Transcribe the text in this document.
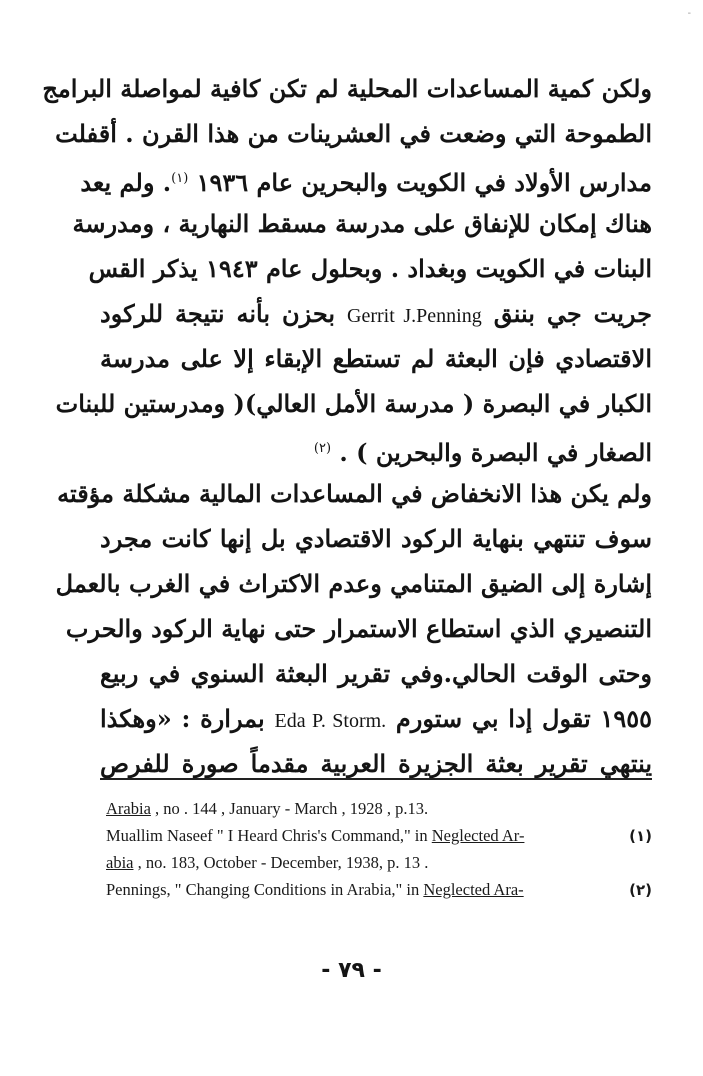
-
ولكن كمية المساعدات المحلية لم تكن كافية لمواصلة البرامج
الطموحة التي وضعت في العشرينات من هذا القرن . أقفلت
مدارس الأولاد في الكويت والبحرين عام ١٩٣٦ $^{(١)}$. ولم يعد
هناك إمكان للإنفاق على مدرسة مسقط النهارية ، ومدرسة
البنات في الكويت وبغداد . وبحلول عام ١٩٤٣ يذكر القس
جريت جي بننق Gerrit J.Penning بحزن بأنه نتيجة للركود
الاقتصادي فإن البعثة لم تستطع الإبقاء إلا على مدرسة
الكبار في البصرة ( مدرسة الأمل العالي)( ومدرستين للبنات
الصغار في البصرة والبحرين ) . $^{(٢)}$
ولم يكن هذا الانخفاض في المساعدات المالية مشكلة مؤقته
سوف تنتهي بنهاية الركود الاقتصادي بل إنها كانت مجرد
إشارة إلى الضيق المتنامي وعدم الاكتراث في الغرب بالعمل
التنصيري الذي استطاع الاستمرار حتى نهاية الركود والحرب
وحتى الوقت الحالي.وفي تقرير البعثة السنوي في ربيع
١٩٥٥ تقول إدا بي ستورم Eda P. Storm. بمرارة : «وهكذا
ينتهي تقرير بعثة الجزيرة العربية مقدماً صورة للفرص
Arabia , no . 144 , January - March , 1928 , p.13.
Muallim Naseef " I Heard Chris's Command," in Neglected Ar-	(١)
abia , no. 183, October - December, 1938, p. 13 .
Pennings, " Changing Conditions in Arabia," in Neglected Ara-	(٢)
- ٧٩ -
